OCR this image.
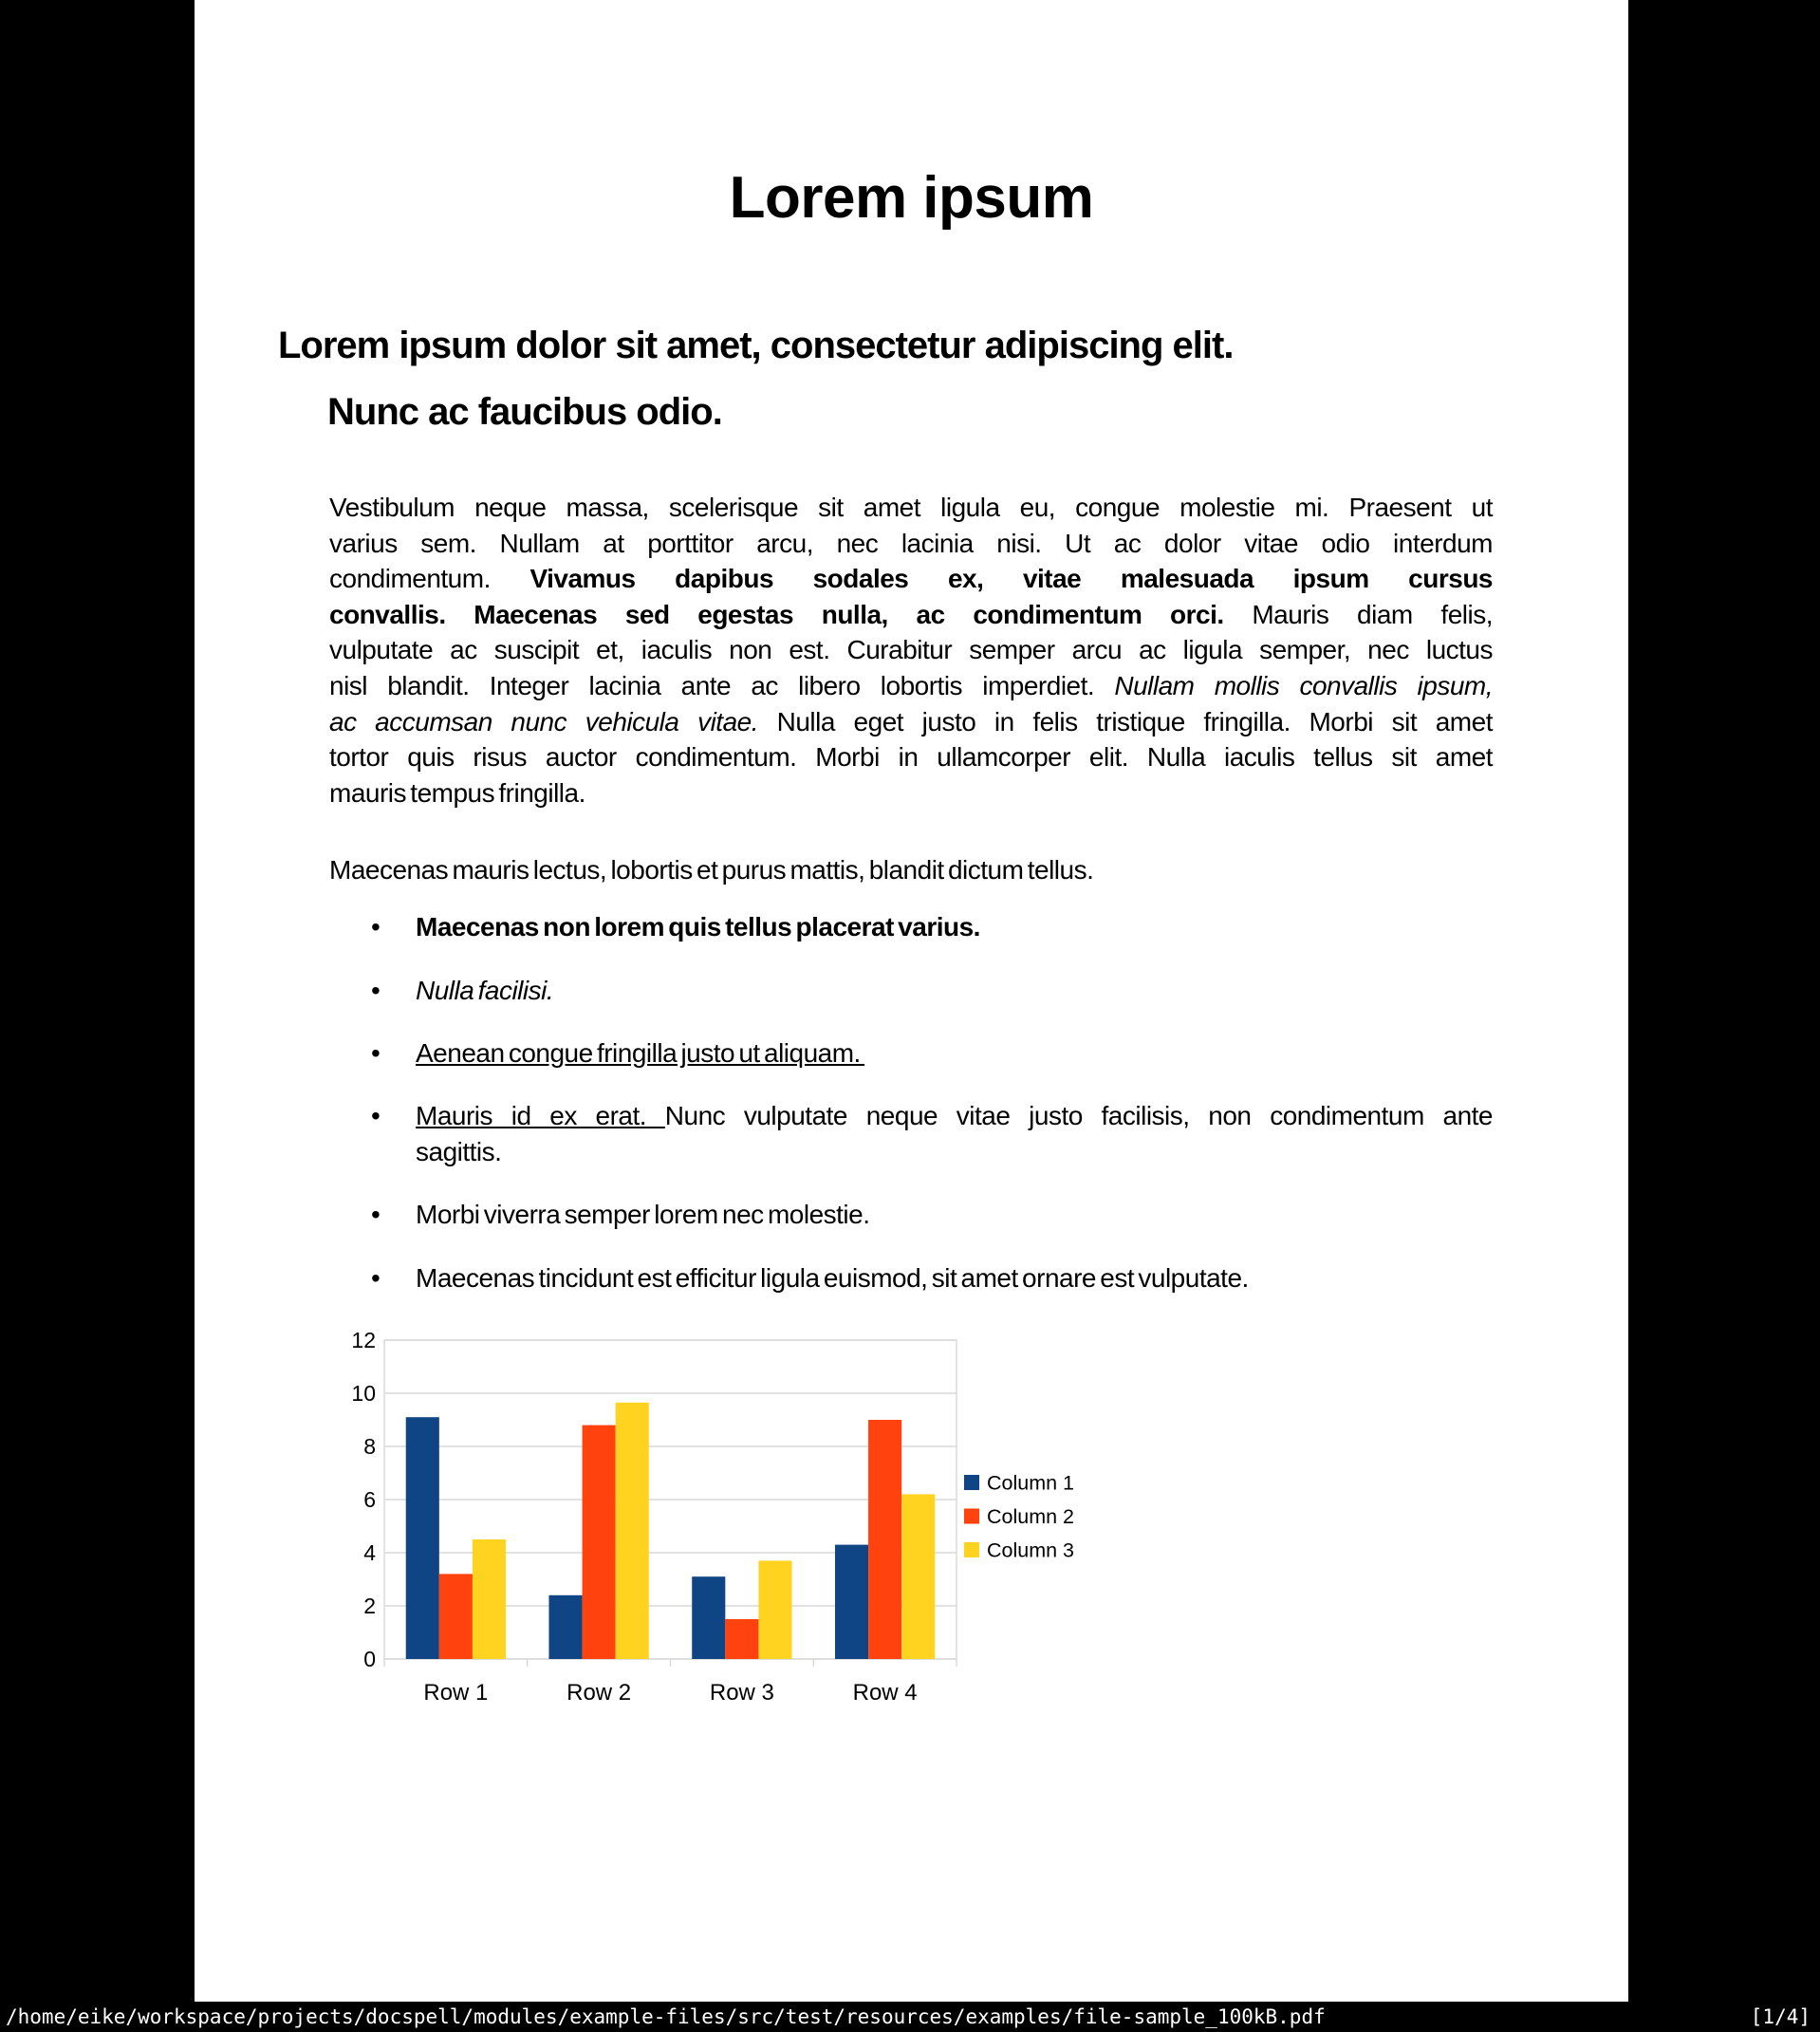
Lorem ipsum
Lorem ipsum dolor sit amet, consectetur adipiscing elit.
Nunc ac faucibus odio.
Vestibulum neque massa, scelerisque sit amet ligula eu, congue molestie mi. Praesent ut
varius sem. Nullam at porttitor arcu, nec lacinia nisi. Ut ac dolor vitae odio interdum
condimentum. Vivamus dapibus sodales ex, vitae malesuada ipsum cursus
convallis. Maecenas sed egestas nulla, ac condimentum orci. Mauris diam felis,
vulputate ac suscipit et, iaculis non est. Curabitur semper arcu ac ligula semper, nec luctus
nisl blandit. Integer lacinia ante ac libero lobortis imperdiet. Nullam mollis convallis ipsum,
ac accumsan nunc vehicula vitae. Nulla eget justo in felis tristique fringilla. Morbi sit amet
tortor quis risus auctor condimentum. Morbi in ullamcorper elit. Nulla iaculis tellus sit amet
mauris tempus fringilla.
Maecenas mauris lectus, lobortis et purus mattis, blandit dictum tellus.
• Maecenas non lorem quis tellus placerat varius.
• Nulla facilisi.
• Aenean congue fringilla justo ut aliquam.
• Mauris id ex erat. Nunc vulputate neque vitae justo facilisis, non condimentum ante
sagittis.
• Morbi viverra semper lorem nec molestie.
• Maecenas tincidunt est efficitur ligula euismod, sit amet ornare est vulputate.
0
2
4
6
8
10
12
Row 1	Row 2	Row 3	Row 4
Column 1
Column 2
Column 3
/home/eike/workspace/projects/docspell/modules/example-files/src/test/resources/examples/file-sample_100kB.pdf	[1/4]
